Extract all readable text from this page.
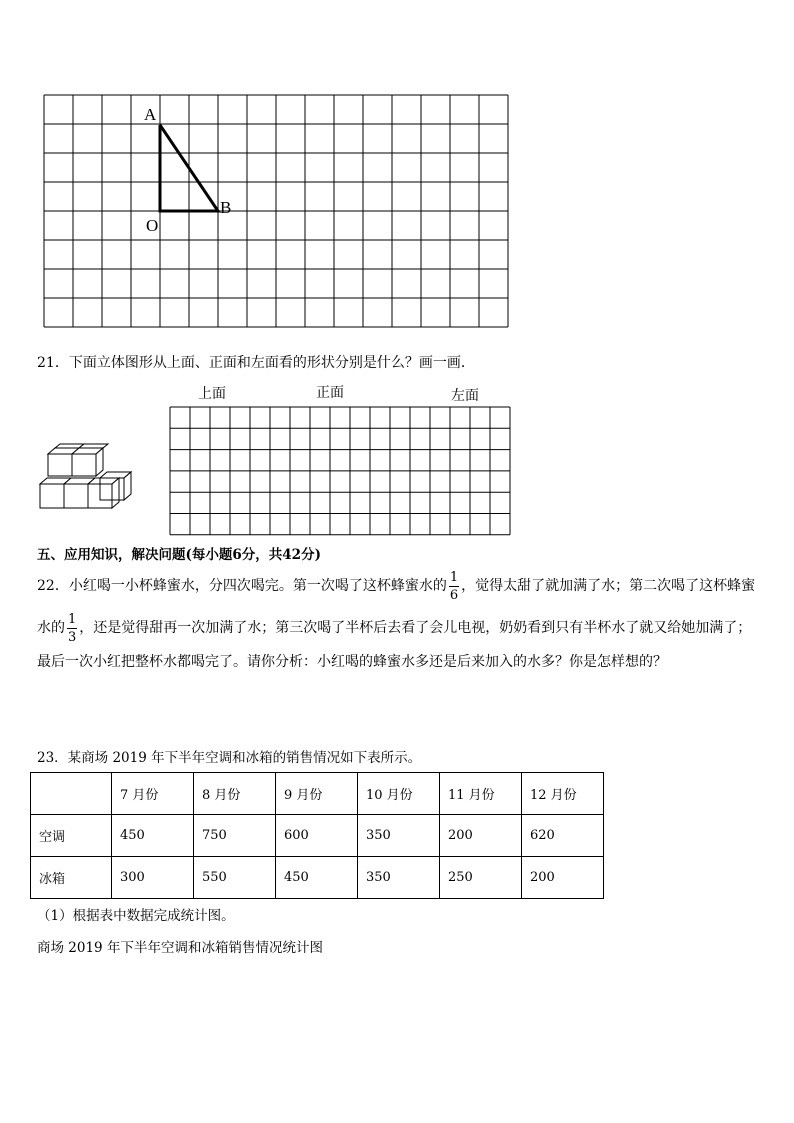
A
B
O
21．下面立体图形从上面、正面和左面看的形状分别是什么？画一画．
上面	正面	左面
五、应用知识，解决问题(每小题6分，共42分)
22．小红喝一小杯蜂蜜水，分四次喝完。第一次喝了这杯蜂蜜水的 $\frac{1}{6}$ ，觉得太甜了就加满了水；第二次喝了这杯蜂蜜
水的 $\frac{1}{3}$ ，还是觉得甜再一次加满了水；第三次喝了半杯后去看了会儿电视，奶奶看到只有半杯水了就又给她加满了；
最后一次小红把整杯水都喝完了。请你分析：小红喝的蜂蜜水多还是后来加入的水多？你是怎样想的？
23．某商场 2019 年下半年空调和冰箱的销售情况如下表所示。
	7 月份	8 月份	9 月份	10 月份	11 月份	12 月份
空调	450	750	600	350	200	620
冰箱	300	550	450	350	250	200
（1）根据表中数据完成统计图。
商场 2019 年下半年空调和冰箱销售情况统计图
